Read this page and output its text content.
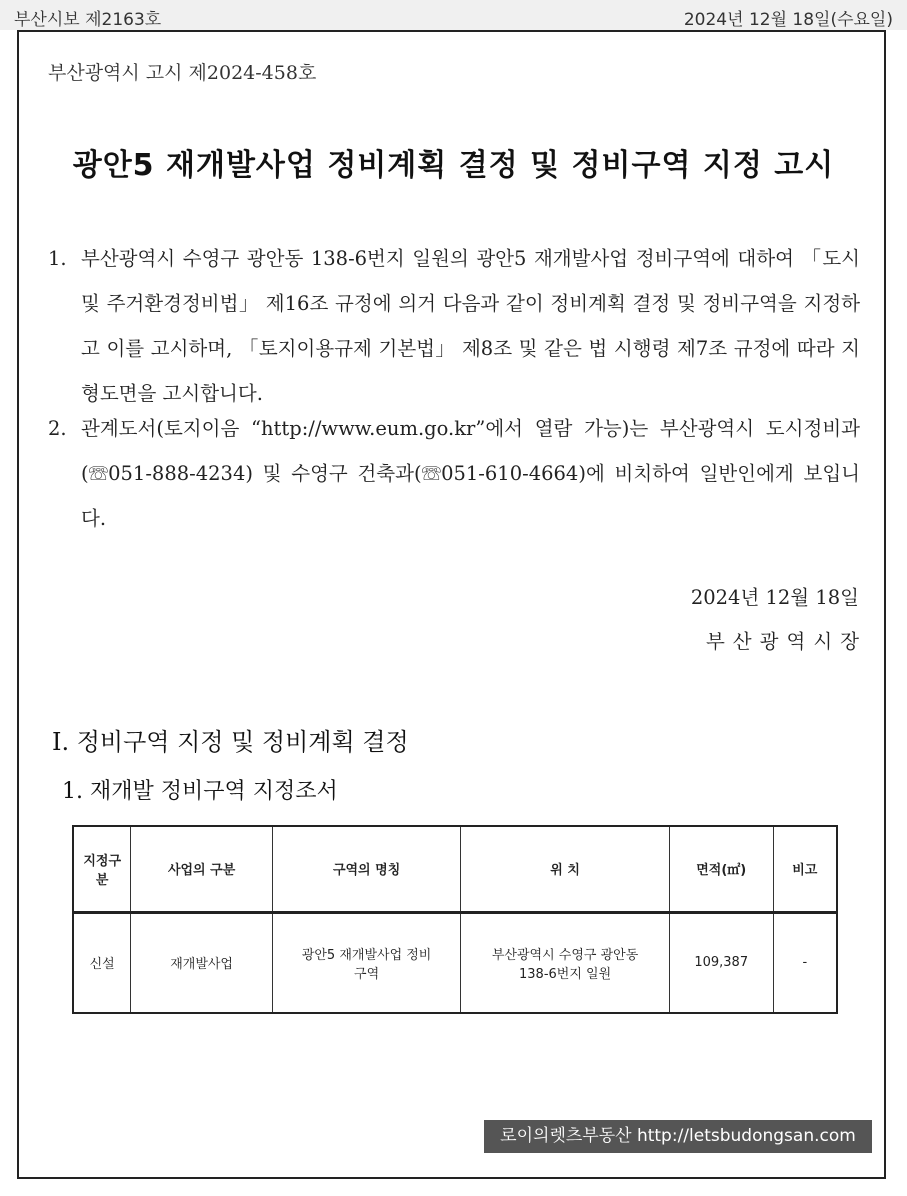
부산시보 제2163호	2024년 12월 18일(수요일)
부산광역시 고시 제2024-458호
광안5 재개발사업 정비계획 결정 및 정비구역 지정 고시
1. 부산광역시 수영구 광안동 138-6번지 일원의 광안5 재개발사업 정비구역에 대하여 「도시 및 주거환경정비법」 제16조 규정에 의거 다음과 같이 정비계획 결정 및 정비구역을 지정하고 이를 고시하며, 「토지이용규제 기본법」 제8조 및 같은 법 시행령 제7조 규정에 따라 지형도면을 고시합니다.
2. 관계도서(토지이음 “http://www.eum.go.kr”에서 열람 가능)는 부산광역시 도시정비과(☏051-888-4234) 및 수영구 건축과(☏051-610-4664)에 비치하여 일반인에게 보입니다.
2024년 12월 18일
부산광역시장
Ⅰ. 정비구역 지정 및 정비계획 결정
1. 재개발 정비구역 지정조서
지정구분	사업의 구분	구역의 명칭	위 치	면적(㎡)	비고
신설	재개발사업	광안5 재개발사업 정비구역	부산광역시 수영구 광안동 138-6번지 일원	109,387	-
로이의렛츠부동산 http://letsbudongsan.com
